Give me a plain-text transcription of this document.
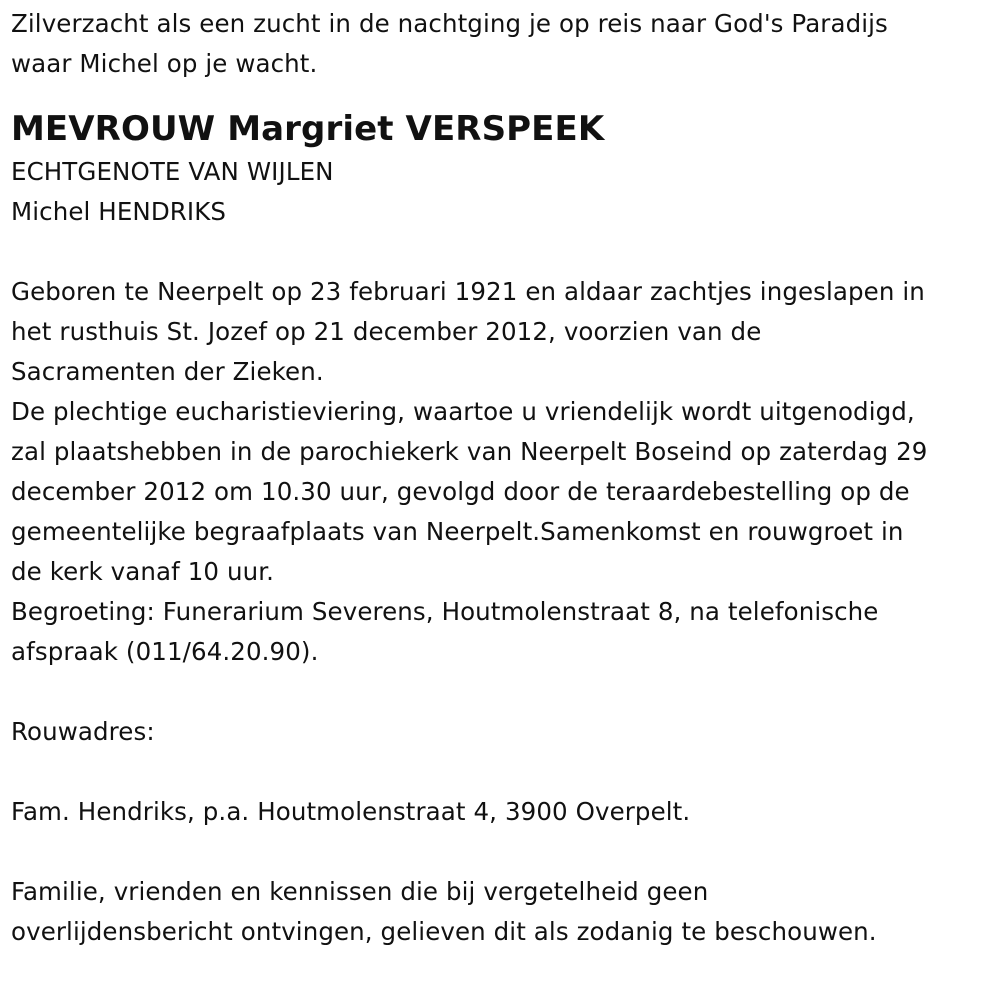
Zilverzacht als een zucht in de nachtging je op reis naar God's Paradijs
waar Michel op je wacht.
MEVROUW Margriet VERSPEEK
ECHTGENOTE VAN WIJLEN
Michel HENDRIKS
Geboren te Neerpelt op 23 februari 1921 en aldaar zachtjes ingeslapen in
het rusthuis St. Jozef op 21 december 2012, voorzien van de
Sacramenten der Zieken.
De plechtige eucharistieviering, waartoe u vriendelijk wordt uitgenodigd,
zal plaatshebben in de parochiekerk van Neerpelt Boseind op zaterdag 29
december 2012 om 10.30 uur, gevolgd door de teraardebestelling op de
gemeentelijke begraafplaats van Neerpelt.Samenkomst en rouwgroet in
de kerk vanaf 10 uur.
Begroeting: Funerarium Severens, Houtmolenstraat 8, na telefonische
afspraak (011/64.20.90).
Rouwadres:
Fam. Hendriks, p.a. Houtmolenstraat 4, 3900 Overpelt.
Familie, vrienden en kennissen die bij vergetelheid geen
overlijdensbericht ontvingen, gelieven dit als zodanig te beschouwen.
